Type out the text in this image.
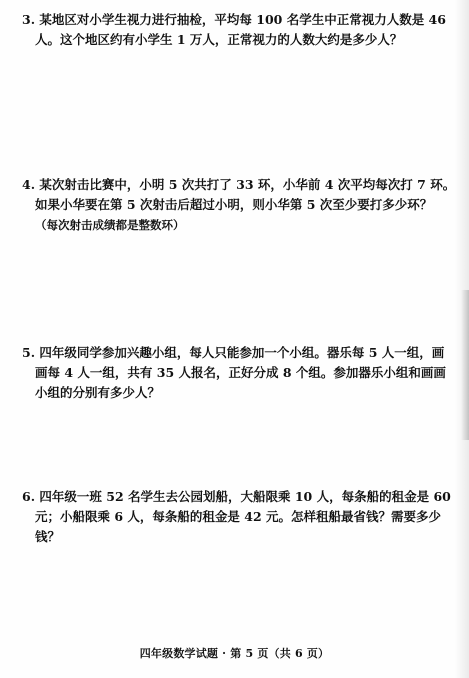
3. 某地区对小学生视力进行抽检，平均每 100 名学生中正常视力人数是 46
人。这个地区约有小学生 1 万人，正常视力的人数大约是多少人？
4. 某次射击比赛中，小明 5 次共打了 33 环，小华前 4 次平均每次打 7 环。
如果小华要在第 5 次射击后超过小明，则小华第 5 次至少要打多少环？
（每次射击成绩都是整数环）
5. 四年级同学参加兴趣小组，每人只能参加一个小组。器乐每 5 人一组，画
画每 4 人一组，共有 35 人报名，正好分成 8 个组。参加器乐小组和画画
小组的分别有多少人？
6. 四年级一班 52 名学生去公园划船，大船限乘 10 人，每条船的租金是 60
元；小船限乘 6 人，每条船的租金是 42 元。怎样租船最省钱？需要多少
钱？
四年级数学试题 · 第 5 页（共 6 页）
